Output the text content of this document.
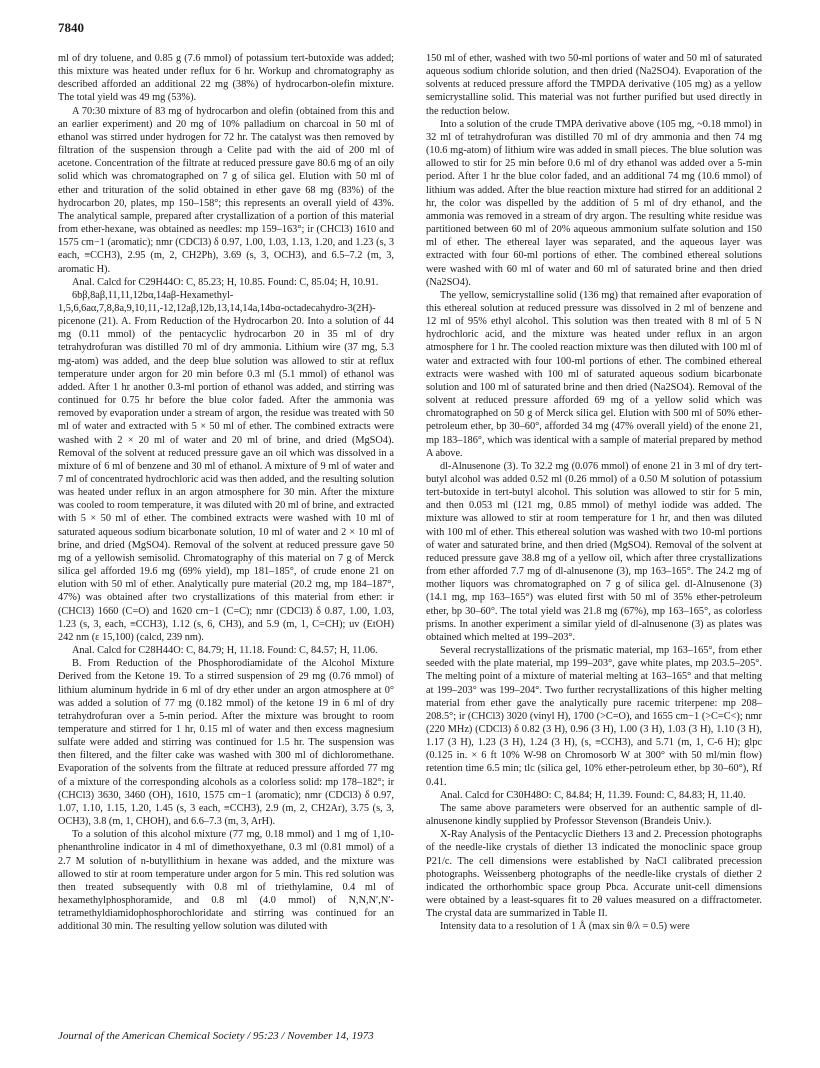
7840

ml of dry toluene, and 0.85 g (7.6 mmol) of potassium tert-butoxide was added; this mixture was heated under reflux for 6 hr. Workup and chromatography as described afforded an additional 22 mg (38%) of hydrocarbon-olefin mixture. The total yield was 49 mg (53%).

A 70:30 mixture of 83 mg of hydrocarbon and olefin (obtained from this and an earlier experiment) and 20 mg of 10% palladium on charcoal in 50 ml of ethanol was stirred under hydrogen for 72 hr. The catalyst was then removed by filtration of the suspension through a Celite pad with the aid of 200 ml of acetone. Concentration of the filtrate at reduced pressure gave 80.6 mg of an oily solid which was chromatographed on 7 g of silica gel. Elution with 50 ml of ether and trituration of the solid obtained in ether gave 68 mg (83%) of the hydrocarbon 20, plates, mp 150–158°; this represents an overall yield of 43%. The analytical sample, prepared after crystallization of a portion of this material from ether-hexane, was obtained as needles: mp 159–163°; ir (CHCl3) 1610 and 1575 cm−1 (aromatic); nmr (CDCl3) δ 0.97, 1.00, 1.03, 1.13, 1.20, and 1.23 (s, 3 each, ≡CCH3), 2.95 (m, 2, CH2Ph), 3.69 (s, 3, OCH3), and 6.5–7.2 (m, 3, aromatic H).

Anal. Calcd for C29H44O: C, 85.23; H, 10.85. Found: C, 85.04; H, 10.91.

6bβ,8aβ,11,11,12bα,14aβ-Hexamethyl-1,5,6,6aα,7,8,8a,9,10,11,-12,12aβ,12b,13,14,14a,14bα-octadecahydro-3(2H)-picenone (21). A. From Reduction of the Hydrocarbon 20. Into a solution of 44 mg (0.11 mmol) of the pentacyclic hydrocarbon 20 in 35 ml of dry tetrahydrofuran was distilled 70 ml of dry ammonia. Lithium wire (37 mg, 5.3 mg-atom) was added, and the deep blue solution was allowed to stir at reflux temperature under argon for 20 min before 0.3 ml (5.1 mmol) of ethanol was added. After 1 hr another 0.3-ml portion of ethanol was added, and stirring was continued for 0.75 hr before the blue color faded. After the ammonia was removed by evaporation under a stream of argon, the residue was treated with 50 ml of water and extracted with 5 × 50 ml of ether. The combined extracts were washed with 2 × 20 ml of water and 20 ml of brine, and dried (MgSO4). Removal of the solvent at reduced pressure gave an oil which was dissolved in a mixture of 6 ml of benzene and 30 ml of ethanol. A mixture of 9 ml of water and 7 ml of concentrated hydrochloric acid was then added, and the resulting solution was heated under reflux in an argon atmosphere for 30 min. After the mixture was cooled to room temperature, it was diluted with 20 ml of brine, and extracted with 5 × 50 ml of ether. The combined extracts were washed with 10 ml of saturated aqueous sodium bicarbonate solution, 10 ml of water and 2 × 10 ml of brine, and dried (MgSO4). Removal of the solvent at reduced pressure gave 50 mg of a yellowish semisolid. Chromatography of this material on 7 g of Merck silica gel afforded 19.6 mg (69% yield), mp 181–185°, of crude enone 21 on elution with 50 ml of ether. Analytically pure material (20.2 mg, mp 184–187°, 47%) was obtained after two crystallizations of this material from ether: ir (CHCl3) 1660 (C=O) and 1620 cm−1 (C=C); nmr (CDCl3) δ 0.87, 1.00, 1.03, 1.23 (s, 3, each, ≡CCH3), 1.12 (s, 6, CH3), and 5.9 (m, 1, C=CH); uv (EtOH) 242 nm (ε 15,100) (calcd, 239 nm).

Anal. Calcd for C28H44O: C, 84.79; H, 11.18. Found: C, 84.57; H, 11.06.

B. From Reduction of the Phosphorodiamidate of the Alcohol Mixture Derived from the Ketone 19. To a stirred suspension of 29 mg (0.76 mmol) of lithium aluminum hydride in 6 ml of dry ether under an argon atmosphere at 0° was added a solution of 77 mg (0.182 mmol) of the ketone 19 in 6 ml of dry tetrahydrofuran over a 5-min period. After the mixture was brought to room temperature and stirred for 1 hr, 0.15 ml of water and then excess magnesium sulfate were added and stirring was continued for 1.5 hr. The suspension was then filtered, and the filter cake was washed with 300 ml of dichloromethane. Evaporation of the solvents from the filtrate at reduced pressure afforded 77 mg of a mixture of the corresponding alcohols as a colorless solid: mp 178–182°; ir (CHCl3) 3630, 3460 (OH), 1610, 1575 cm−1 (aromatic); nmr (CDCl3) δ 0.97, 1.07, 1.10, 1.15, 1.20, 1.45 (s, 3 each, ≡CCH3), 2.9 (m, 2, CH2Ar), 3.75 (s, 3, OCH3), 3.8 (m, 1, CHOH), and 6.6–7.3 (m, 3, ArH).

To a solution of this alcohol mixture (77 mg, 0.18 mmol) and 1 mg of 1,10-phenanthroline indicator in 4 ml of dimethoxyethane, 0.3 ml (0.81 mmol) of a 2.7 M solution of n-butyllithium in hexane was added, and the mixture was allowed to stir at room temperature under argon for 5 min. This red solution was then treated subsequently with 0.8 ml of triethylamine, 0.4 ml of hexamethylphosphoramide, and 0.8 ml (4.0 mmol) of N,N,N′,N′-tetramethyldiamidophosphorochloridate and stirring was continued for an additional 30 min. The resulting yellow solution was diluted with

150 ml of ether, washed with two 50-ml portions of water and 50 ml of saturated aqueous sodium chloride solution, and then dried (Na2SO4). Evaporation of the solvents at reduced pressure afford the TMPDA derivative (105 mg) as a yellow semicrystalline solid. This material was not further purified but used directly in the reduction below.

Into a solution of the crude TMPA derivative above (105 mg, ~0.18 mmol) in 32 ml of tetrahydrofuran was distilled 70 ml of dry ammonia and then 74 mg (10.6 mg-atom) of lithium wire was added in small pieces. The blue solution was allowed to stir for 25 min before 0.6 ml of dry ethanol was added over a 5-min period. After 1 hr the blue color faded, and an additional 74 mg (10.6 mmol) of lithium was added. After the blue reaction mixture had stirred for an additional 2 hr, the color was dispelled by the addition of 5 ml of dry ethanol, and the ammonia was removed in a stream of dry argon. The resulting white residue was partitioned between 60 ml of 20% aqueous ammonium sulfate solution and 150 ml of ether. The ethereal layer was separated, and the aqueous layer was extracted with four 60-ml portions of ether. The combined ethereal solutions were washed with 60 ml of water and 60 ml of saturated brine and then dried (Na2SO4).

The yellow, semicrystalline solid (136 mg) that remained after evaporation of this ethereal solution at reduced pressure was dissolved in 2 ml of benzene and 12 ml of 95% ethyl alcohol. This solution was then treated with 8 ml of 5 N hydrochloric acid, and the mixture was heated under reflux in an argon atmosphere for 1 hr. The cooled reaction mixture was then diluted with 100 ml of water and extracted with four 100-ml portions of ether. The combined ethereal extracts were washed with 100 ml of saturated aqueous sodium bicarbonate solution and 100 ml of saturated brine and then dried (Na2SO4). Removal of the solvent at reduced pressure afforded 69 mg of a yellow solid which was chromatographed on 50 g of Merck silica gel. Elution with 500 ml of 50% ether-petroleum ether, bp 30–60°, afforded 34 mg (47% overall yield) of the enone 21, mp 183–186°, which was identical with a sample of material prepared by method A above.

dl-Alnusenone (3). To 32.2 mg (0.076 mmol) of enone 21 in 3 ml of dry tert-butyl alcohol was added 0.52 ml (0.26 mmol) of a 0.50 M solution of potassium tert-butoxide in tert-butyl alcohol. This solution was allowed to stir for 5 min, and then 0.053 ml (121 mg, 0.85 mmol) of methyl iodide was added. The mixture was allowed to stir at room temperature for 1 hr, and then was diluted with 100 ml of ether. This ethereal solution was washed with two 10-ml portions of water and saturated brine, and then dried (MgSO4). Removal of the solvent at reduced pressure gave 38.8 mg of a yellow oil, which after three crystallizations from ether afforded 7.7 mg of dl-alnusenone (3), mp 163–165°. The 24.2 mg of mother liquors was chromatographed on 7 g of silica gel. dl-Alnusenone (3) (14.1 mg, mp 163–165°) was eluted first with 50 ml of 35% ether-petroleum ether, bp 30–60°. The total yield was 21.8 mg (67%), mp 163–165°, as colorless prisms. In another experiment a similar yield of dl-alnusenone (3) as plates was obtained which melted at 199–203°.

Several recrystallizations of the prismatic material, mp 163–165°, from ether seeded with the plate material, mp 199–203°, gave white plates, mp 203.5–205°. The melting point of a mixture of material melting at 163–165° and that melting at 199–203° was 199–204°. Two further recrystallizations of this higher melting material from ether gave the analytically pure racemic triterpene: mp 208–208.5°; ir (CHCl3) 3020 (vinyl H), 1700 (>C=O), and 1655 cm−1 (>C=C<); nmr (220 MHz) (CDCl3) δ 0.82 (3 H), 0.96 (3 H), 1.00 (3 H), 1.03 (3 H), 1.10 (3 H), 1.17 (3 H), 1.23 (3 H), 1.24 (3 H), (s, ≡CCH3), and 5.71 (m, 1, C-6 H); glpc (0.125 in. × 6 ft 10% W-98 on Chromosorb W at 300° with 50 ml/min flow) retention time 6.5 min; tlc (silica gel, 10% ether-petroleum ether, bp 30–60°), Rf 0.41.

Anal. Calcd for C30H48O: C, 84.84; H, 11.39. Found: C, 84.83; H, 11.40.

The same above parameters were observed for an authentic sample of dl-alnusenone kindly supplied by Professor Stevenson (Brandeis Univ.).

X-Ray Analysis of the Pentacyclic Diethers 13 and 2. Precession photographs of the needle-like crystals of diether 13 indicated the monoclinic space group P21/c. The cell dimensions were established by NaCl calibrated precession photographs. Weissenberg photographs of the needle-like crystals of diether 2 indicated the orthorhombic space group Pbca. Accurate unit-cell dimensions were obtained by a least-squares fit to 2θ values measured on a diffractometer. The crystal data are summarized in Table II.

Intensity data to a resolution of 1 Å (max sin θ/λ = 0.5) were

Journal of the American Chemical Society / 95:23 / November 14, 1973
